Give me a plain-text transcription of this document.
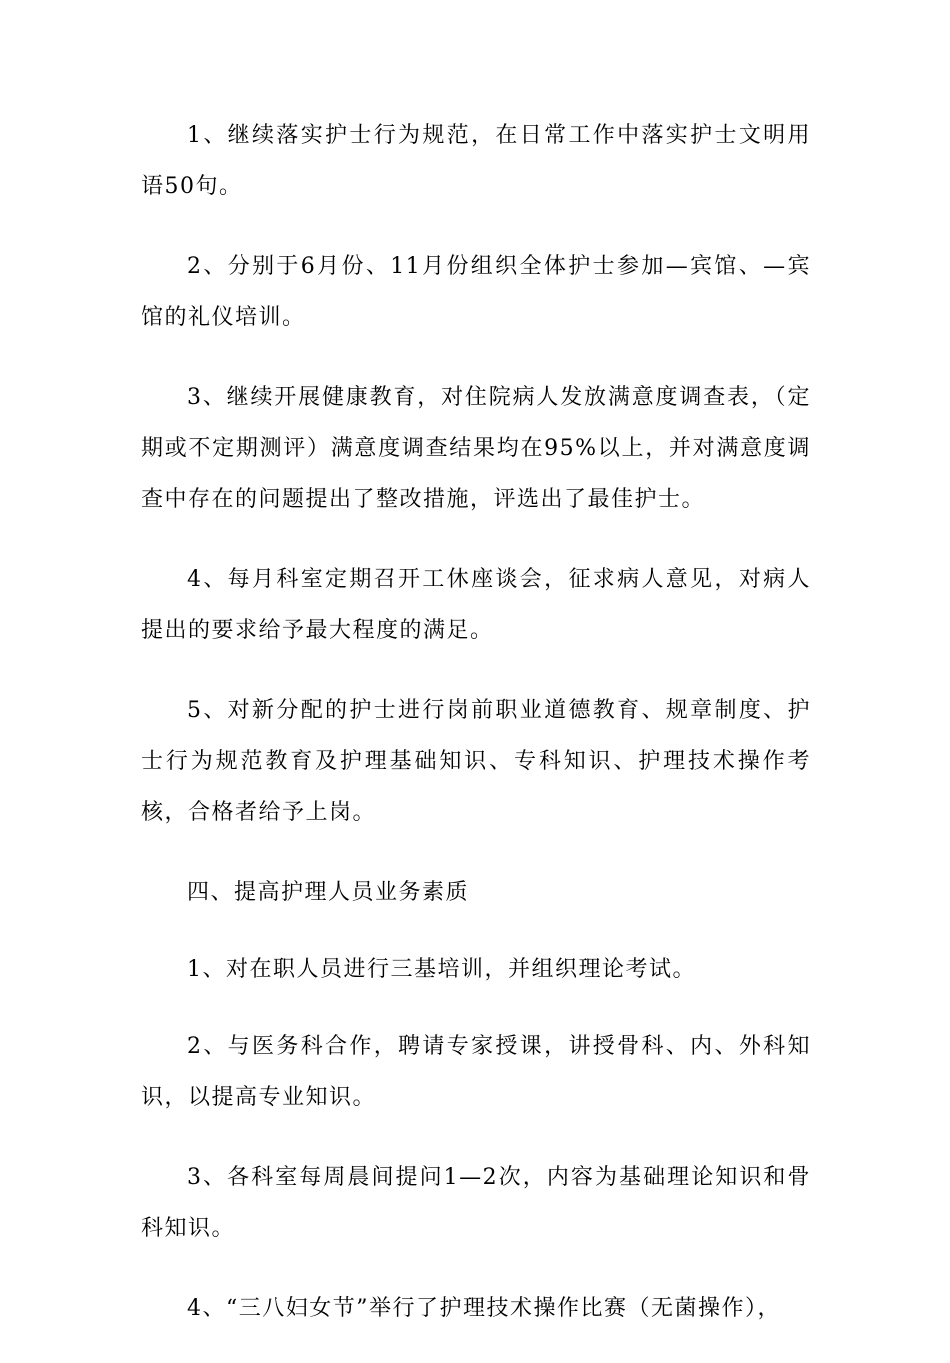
1、继续落实护士行为规范，在日常工作中落实护士文明用语50句。

2、分别于6月份、11月份组织全体护士参加—宾馆、—宾馆的礼仪培训。

3、继续开展健康教育，对住院病人发放满意度调查表，（定期或不定期测评）满意度调查结果均在95%以上，并对满意度调查中存在的问题提出了整改措施，评选出了最佳护士。

4、每月科室定期召开工休座谈会，征求病人意见，对病人提出的要求给予最大程度的满足。

5、对新分配的护士进行岗前职业道德教育、规章制度、护士行为规范教育及护理基础知识、专科知识、护理技术操作考核，合格者给予上岗。

四、提高护理人员业务素质

1、对在职人员进行三基培训，并组织理论考试。

2、与医务科合作，聘请专家授课，讲授骨科、内、外科知识，以提高专业知识。

3、各科室每周晨间提问1—2次，内容为基础理论知识和骨科知识。

4、“三八妇女节”举行了护理技术操作比赛（无菌操作），
